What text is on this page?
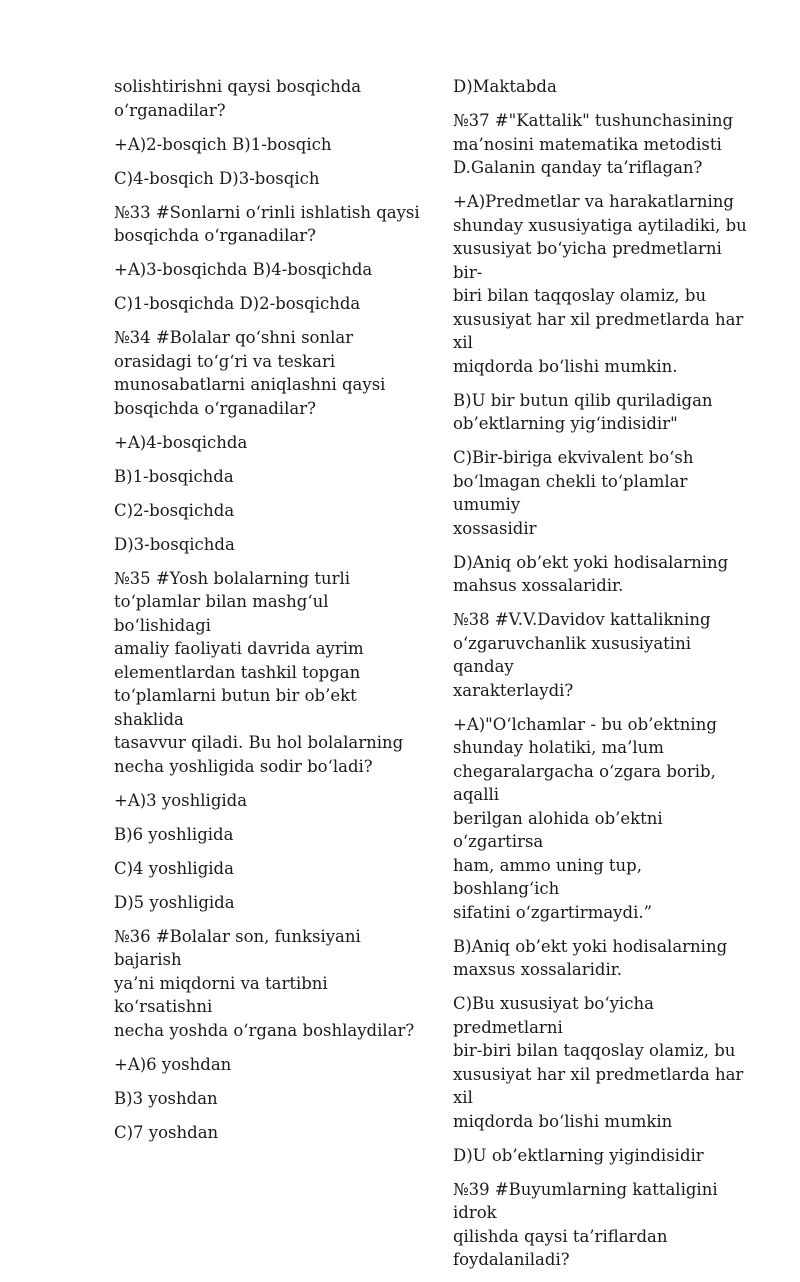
solishtirishni qaysi bosqichda
o‘rganadilar?

+A)2-bosqich B)1-bosqich

C)4-bosqich D)3-bosqich

№33 #Sonlarni o‘rinli ishlatish qaysi
bosqichda o‘rganadilar?

+A)3-bosqichda B)4-bosqichda

C)1-bosqichda D)2-bosqichda

№34 #Bolalar qo‘shni sonlar
orasidagi to‘g‘ri va teskari
munosabatlarni aniqlashni qaysi
bosqichda o‘rganadilar?

+A)4-bosqichda

B)1-bosqichda

C)2-bosqichda

D)3-bosqichda

№35 #Yosh bolalarning turli
to‘plamlar bilan mashg‘ul bo‘lishidagi
amaliy faoliyati davrida ayrim
elementlardan tashkil topgan
to‘plamlarni butun bir ob’ekt shaklida
tasavvur qiladi. Bu hol bolalarning
necha yoshligida sodir bo‘ladi?

+A)3 yoshligida

B)6 yoshligida

C)4 yoshligida

D)5 yoshligida

№36 #Bolalar son, funksiyani bajarish
ya’ni miqdorni va tartibni ko‘rsatishni
necha yoshda o‘rgana boshlaydilar?

+A)6 yoshdan

B)3 yoshdan

C)7 yoshdan

D)Maktabda

№37 #"Kattalik" tushunchasining
ma’nosini matematika metodisti
D.Galanin qanday ta’riflagan?

+A)Predmetlar va harakatlarning
shunday xususiyatiga aytiladiki, bu
xususiyat bo‘yicha predmetlarni bir-
biri bilan taqqoslay olamiz, bu
xususiyat har xil predmetlarda har xil
miqdorda bo‘lishi mumkin.

B)U bir butun qilib quriladigan
ob’ektlarning yig‘indisidir"

C)Bir-biriga ekvivalent bo‘sh
bo‘lmagan chekli to‘plamlar umumiy
xossasidir

D)Aniq ob’ekt yoki hodisalarning
mahsus xossalaridir.

№38 #V.V.Davidov kattalikning
o‘zgaruvchanlik xususiyatini qanday
xarakterlaydi?

+A)"O‘lchamlar - bu ob’ektning
shunday holatiki, ma’lum
chegaralargacha o‘zgara borib, aqalli
berilgan alohida ob’ektni o‘zgartirsa
ham, ammo uning tup, boshlang‘ich
sifatini o‘zgartirmaydi.”

B)Aniq ob’ekt yoki hodisalarning
maxsus xossalaridir.

C)Bu xususiyat bo‘yicha predmetlarni
bir-biri bilan taqqoslay olamiz, bu
xususiyat har xil predmetlarda har xil
miqdorda bo‘lishi mumkin

D)U ob’ektlarning yigindisidir

№39 #Buyumlarning kattaligini idrok
qilishda qaysi ta’riflardan
foydalaniladi?
